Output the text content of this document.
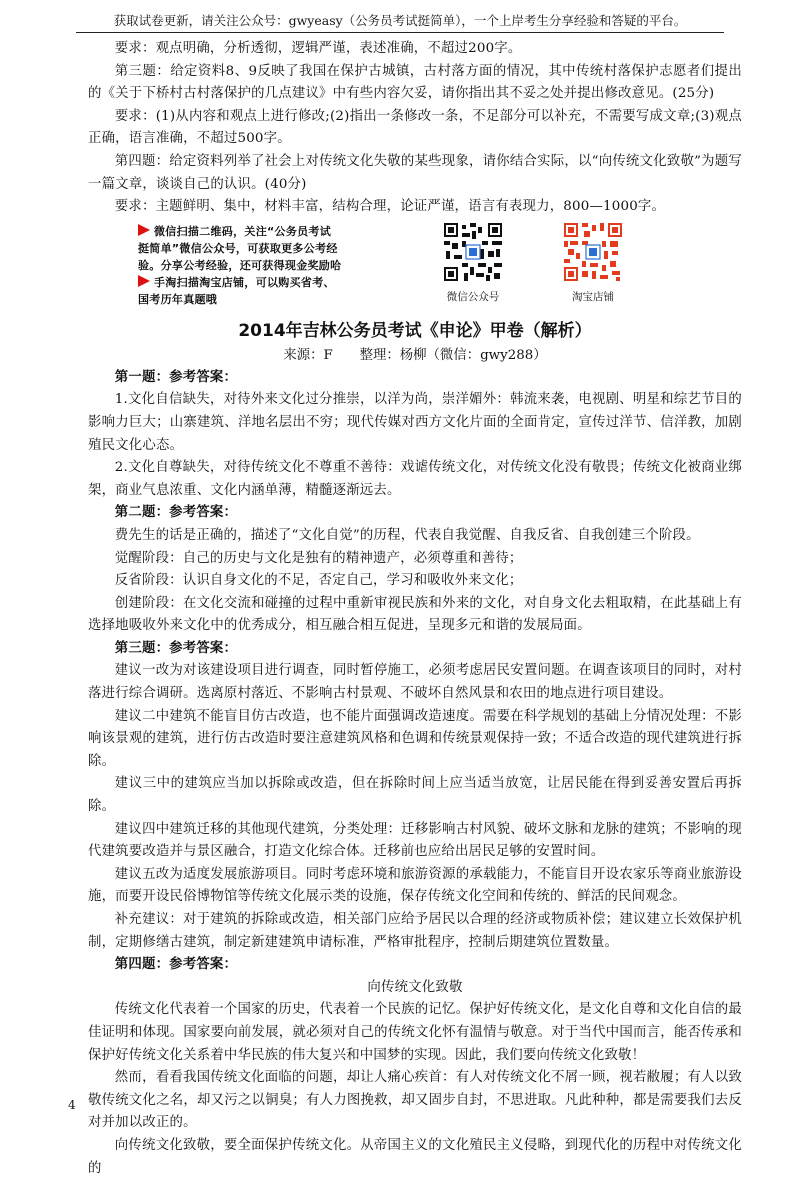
获取试卷更新，请关注公众号：gwyeasy（公务员考试挺简单），一个上岸考生分享经验和答疑的平台。

要求：观点明确，分析透彻，逻辑严谨，表述准确，不超过200字。

第三题：给定资料8、9反映了我国在保护古城镇，古村落方面的情况，其中传统村落保护志愿者们提出的《关于下桥村古村落保护的几点建议》中有些内容欠妥，请你指出其不妥之处并提出修改意见。(25分)

要求：(1)从内容和观点上进行修改;(2)指出一条修改一条，不足部分可以补充，不需要写成文章;(3)观点正确，语言准确，不超过500字。

第四题：给定资料列举了社会上对传统文化失敬的某些现象，请你结合实际，以“向传统文化致敬”为题写一篇文章，谈谈自己的认识。(40分)

要求：主题鲜明、集中，材料丰富，结构合理，论证严谨，语言有表现力，800—1000字。

微信扫描二维码，关注“公务员考试
挺简单”微信公众号，可获取更多公考经
验。分享公考经验，还可获得现金奖励哈
手淘扫描淘宝店铺，可以购买省考、
国考历年真题哦	微信公众号	淘宝店铺
2014年吉林公务员考试《申论》甲卷（解析）
来源：F　　整理：杨柳（微信：gwy288）

第一题：参考答案：

1.文化自信缺失，对待外来文化过分推崇，以洋为尚，崇洋媚外：韩流来袭，电视剧、明星和综艺节目的影响力巨大；山寨建筑、洋地名层出不穷；现代传媒对西方文化片面的全面肯定，宣传过洋节、信洋教，加剧殖民文化心态。

2.文化自尊缺失，对待传统文化不尊重不善待：戏谑传统文化，对传统文化没有敬畏；传统文化被商业绑架，商业气息浓重、文化内涵单薄，精髓逐渐远去。

第二题：参考答案：

费先生的话是正确的，描述了“文化自觉”的历程，代表自我觉醒、自我反省、自我创建三个阶段。

觉醒阶段：自己的历史与文化是独有的精神遗产，必须尊重和善待；

反省阶段：认识自身文化的不足，否定自己，学习和吸收外来文化；

创建阶段：在文化交流和碰撞的过程中重新审视民族和外来的文化，对自身文化去粗取精，在此基础上有选择地吸收外来文化中的优秀成分，相互融合相互促进，呈现多元和谐的发展局面。

第三题：参考答案：

建议一改为对该建设项目进行调查，同时暂停施工，必须考虑居民安置问题。在调查该项目的同时，对村落进行综合调研。选离原村落近、不影响古村景观、不破坏自然风景和农田的地点进行项目建设。

建议二中建筑不能盲目仿古改造，也不能片面强调改造速度。需要在科学规划的基础上分情况处理：不影响该景观的建筑，进行仿古改造时要注意建筑风格和色调和传统景观保持一致；不适合改造的现代建筑进行拆除。

建议三中的建筑应当加以拆除或改造，但在拆除时间上应当适当放宽，让居民能在得到妥善安置后再拆除。

建议四中建筑迁移的其他现代建筑，分类处理：迁移影响古村风貌、破坏文脉和龙脉的建筑；不影响的现代建筑要改造并与景区融合，打造文化综合体。迁移前也应给出居民足够的安置时间。

建议五改为适度发展旅游项目。同时考虑环境和旅游资源的承载能力，不能盲目开设农家乐等商业旅游设施，而要开设民俗博物馆等传统文化展示类的设施，保存传统文化空间和传统的、鲜活的民间观念。

补充建议：对于建筑的拆除或改造，相关部门应给予居民以合理的经济或物质补偿；建议建立长效保护机制，定期修缮古建筑，制定新建建筑申请标准，严格审批程序，控制后期建筑位置数量。

第四题：参考答案：

向传统文化致敬

传统文化代表着一个国家的历史，代表着一个民族的记忆。保护好传统文化，是文化自尊和文化自信的最佳证明和体现。国家要向前发展，就必须对自己的传统文化怀有温情与敬意。对于当代中国而言，能否传承和保护好传统文化关系着中华民族的伟大复兴和中国梦的实现。因此，我们要向传统文化致敬！

然而，看看我国传统文化面临的问题，却让人痛心疾首：有人对传统文化不屑一顾，视若敝履；有人以致敬传统文化之名，却又污之以铜臭；有人力图挽救，却又固步自封，不思进取。凡此种种，都是需要我们去反对并加以改正的。

向传统文化致敬，要全面保护传统文化。从帝国主义的文化殖民主义侵略，到现代化的历程中对传统文化的

4
